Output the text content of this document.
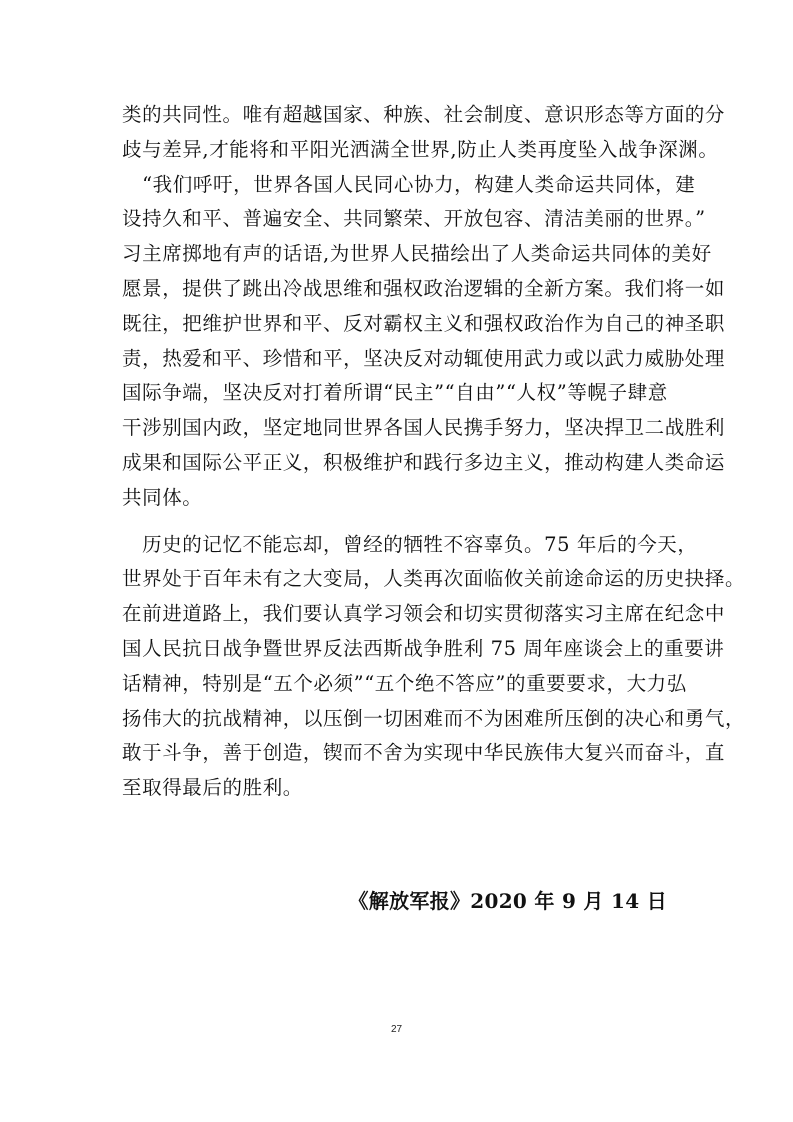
类的共同性。唯有超越国家、种族、社会制度、意识形态等方面的分
歧与差异,才能将和平阳光洒满全世界,防止人类再度坠入战争深渊。
　“我们呼吁，世界各国人民同心协力，构建人类命运共同体，建
设持久和平、普遍安全、共同繁荣、开放包容、清洁美丽的世界。”
习主席掷地有声的话语,为世界人民描绘出了人类命运共同体的美好
愿景，提供了跳出冷战思维和强权政治逻辑的全新方案。我们将一如
既往，把维护世界和平、反对霸权主义和强权政治作为自己的神圣职
责，热爱和平、珍惜和平，坚决反对动辄使用武力或以武力威胁处理
国际争端，坚决反对打着所谓“民主”“自由”“人权”等幌子肆意
干涉别国内政，坚定地同世界各国人民携手努力，坚决捍卫二战胜利
成果和国际公平正义，积极维护和践行多边主义，推动构建人类命运
共同体。
　历史的记忆不能忘却，曾经的牺牲不容辜负。75 年后的今天，
世界处于百年未有之大变局，人类再次面临攸关前途命运的历史抉择。
在前进道路上，我们要认真学习领会和切实贯彻落实习主席在纪念中
国人民抗日战争暨世界反法西斯战争胜利 75 周年座谈会上的重要讲
话精神，特别是“五个必须”“五个绝不答应”的重要要求，大力弘
扬伟大的抗战精神，以压倒一切困难而不为困难所压倒的决心和勇气，
敢于斗争，善于创造，锲而不舍为实现中华民族伟大复兴而奋斗，直
至取得最后的胜利。
《解放军报》2020 年 9 月 14 日
27
